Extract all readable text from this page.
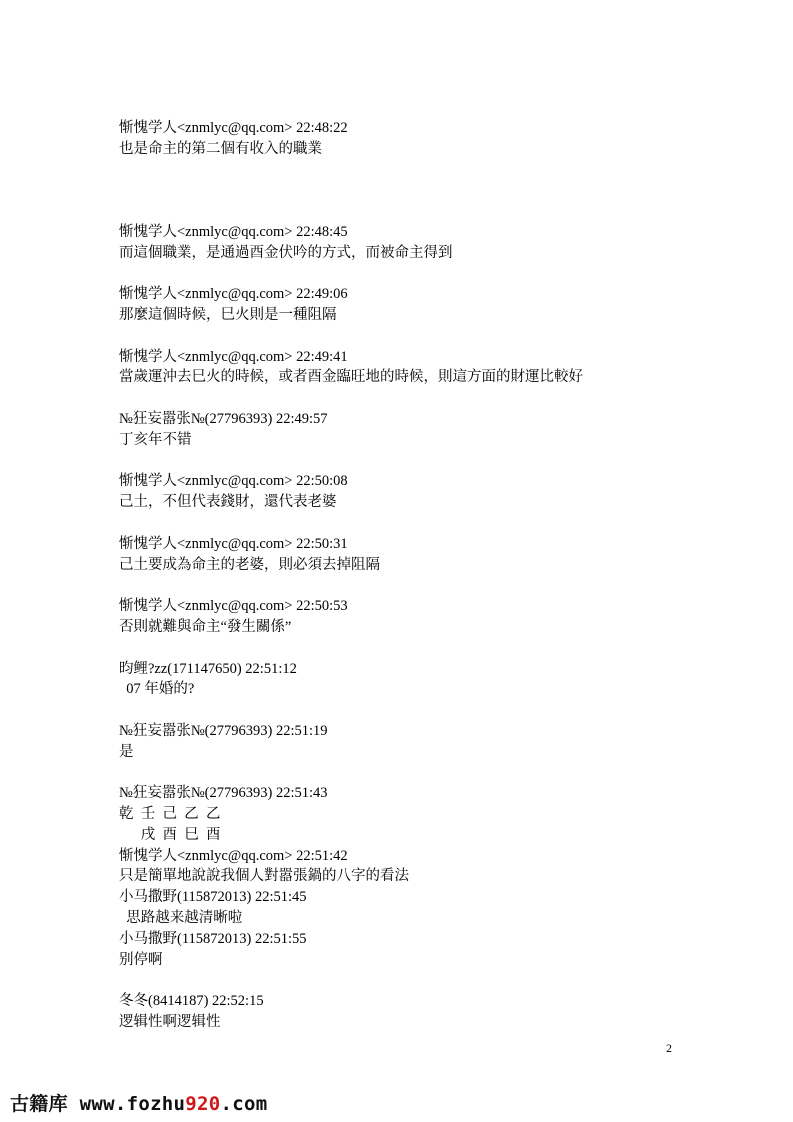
惭愧学人<znmlyc@qq.com> 22:48:22
也是命主的第二個有收入的職業
惭愧学人<znmlyc@qq.com> 22:48:45
而這個職業，是通過酉金伏吟的方式，而被命主得到
惭愧学人<znmlyc@qq.com> 22:49:06
那麼這個時候，巳火則是一種阻隔
惭愧学人<znmlyc@qq.com> 22:49:41
當歲運沖去巳火的時候，或者酉金臨旺地的時候，則這方面的財運比較好
№狂妄嚣张№(27796393) 22:49:57
丁亥年不错
惭愧学人<znmlyc@qq.com> 22:50:08
己土，不但代表錢財，還代表老婆
惭愧学人<znmlyc@qq.com> 22:50:31
己土要成為命主的老婆，則必須去掉阻隔
惭愧学人<znmlyc@qq.com> 22:50:53
否則就難與命主“發生關係”
昀鲤?zz(171147650) 22:51:12
07 年婚的?
№狂妄嚣张№(27796393) 22:51:19
是
№狂妄嚣张№(27796393) 22:51:43
乾  壬  己  乙  乙
戌  酉  巳  酉
惭愧学人<znmlyc@qq.com> 22:51:42
只是簡單地說說我個人對嚣張鍋的八字的看法
小马撒野(115872013) 22:51:45
思路越来越清晰啦
小马撒野(115872013) 22:51:55
别停啊
冬冬(8414187) 22:52:15
逻辑性啊逻辑性
2
古籍库 www.fozhu920.com
